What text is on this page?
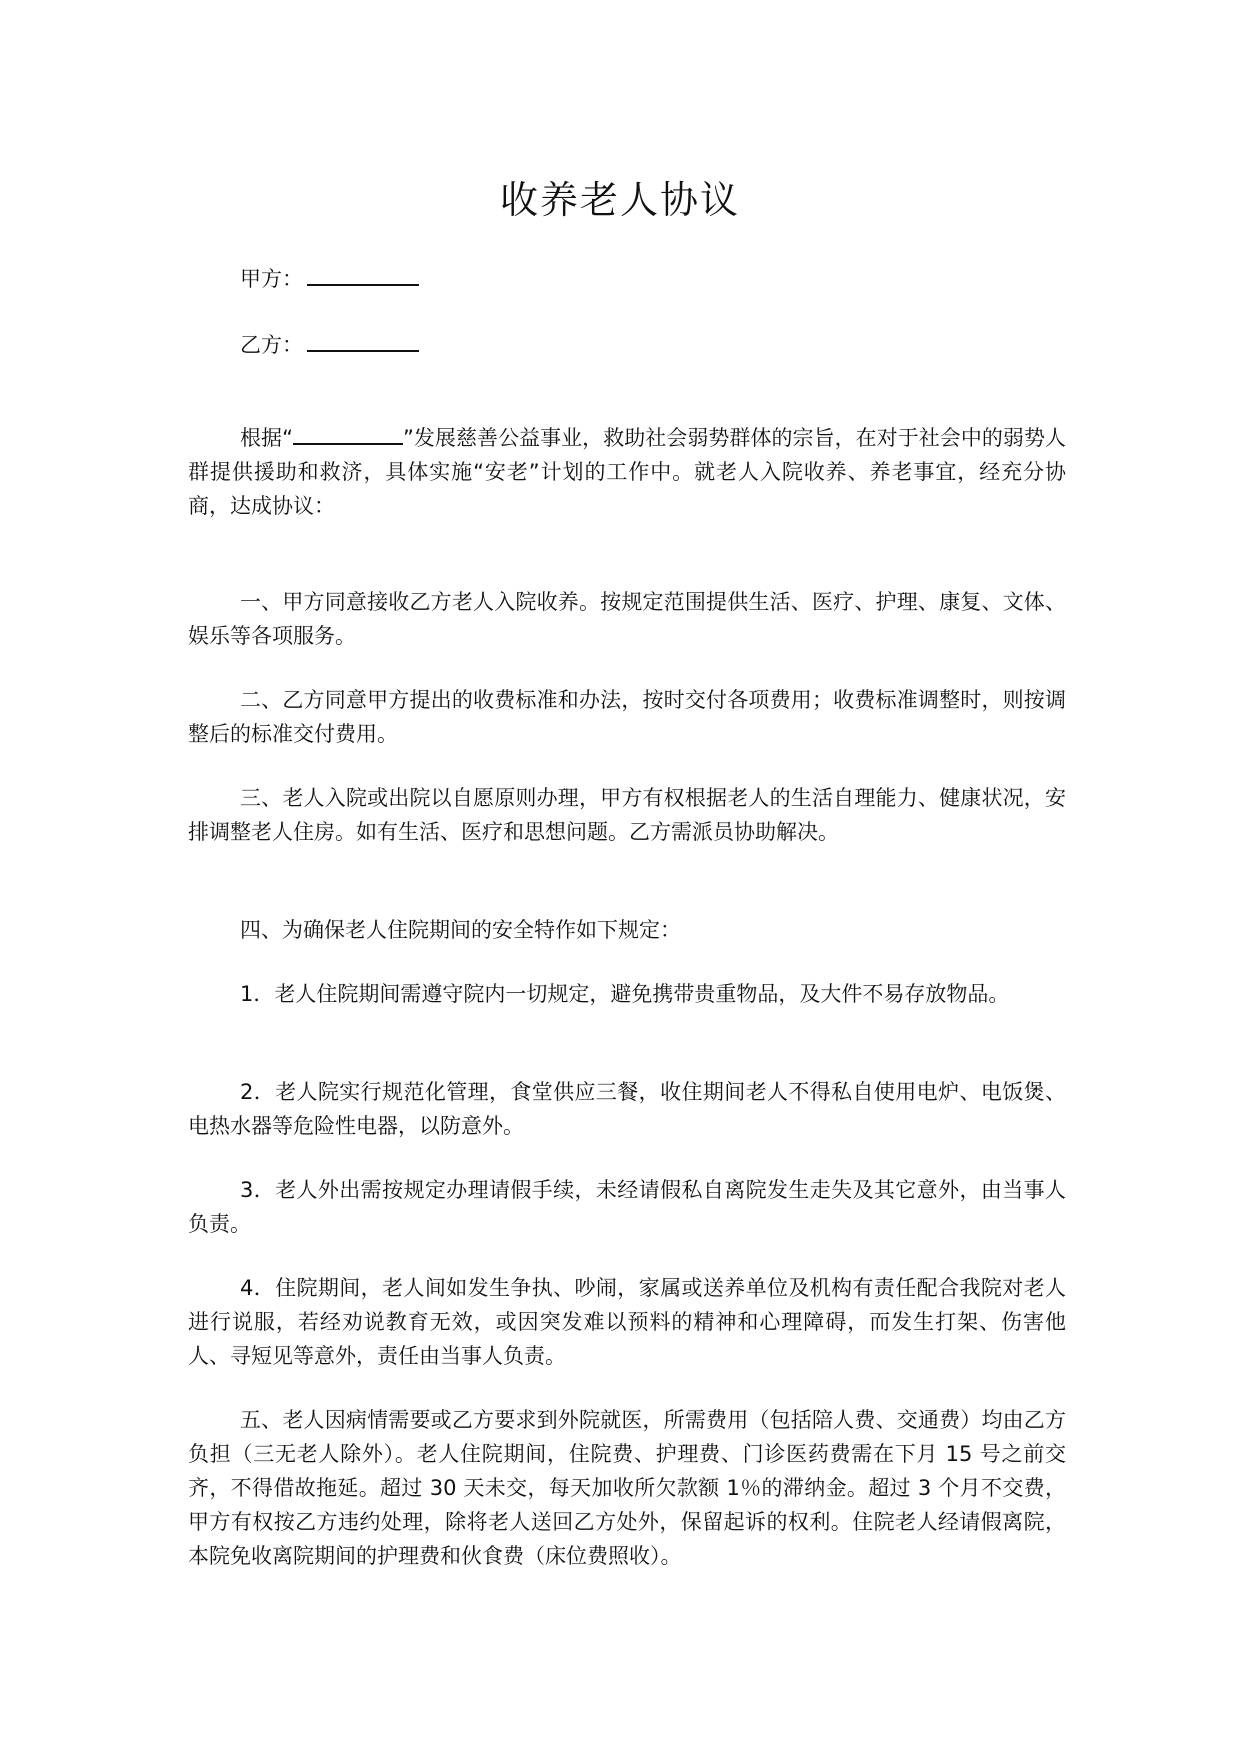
收养老人协议
甲方：
乙方：

根据“	”发展慈善公益事业，救助社会弱势群体的宗旨，在对于社会中的弱势人群提供援助和救济，具体实施“安老”计划的工作中。就老人入院收养、养老事宜，经充分协商，达成协议：

一、甲方同意接收乙方老人入院收养。按规定范围提供生活、医疗、护理、康复、文体、娱乐等各项服务。

二、乙方同意甲方提出的收费标准和办法，按时交付各项费用；收费标准调整时，则按调整后的标准交付费用。

三、老人入院或出院以自愿原则办理，甲方有权根据老人的生活自理能力、健康状况，安排调整老人住房。如有生活、医疗和思想问题。乙方需派员协助解决。

四、为确保老人住院期间的安全特作如下规定：

1．老人住院期间需遵守院内一切规定，避免携带贵重物品，及大件不易存放物品。

2．老人院实行规范化管理，食堂供应三餐，收住期间老人不得私自使用电炉、电饭煲、电热水器等危险性电器，以防意外。

3．老人外出需按规定办理请假手续，未经请假私自离院发生走失及其它意外，由当事人负责。

4．住院期间，老人间如发生争执、吵闹，家属或送养单位及机构有责任配合我院对老人进行说服，若经劝说教育无效，或因突发难以预料的精神和心理障碍，而发生打架、伤害他人、寻短见等意外，责任由当事人负责。

五、老人因病情需要或乙方要求到外院就医，所需费用（包括陪人费、交通费）均由乙方负担（三无老人除外）。老人住院期间，住院费、护理费、门诊医药费需在下月 15 号之前交齐，不得借故拖延。超过 30 天未交，每天加收所欠款额 1％的滞纳金。超过 3 个月不交费，甲方有权按乙方违约处理，除将老人送回乙方处外，保留起诉的权利。住院老人经请假离院，本院免收离院期间的护理费和伙食费（床位费照收）。
